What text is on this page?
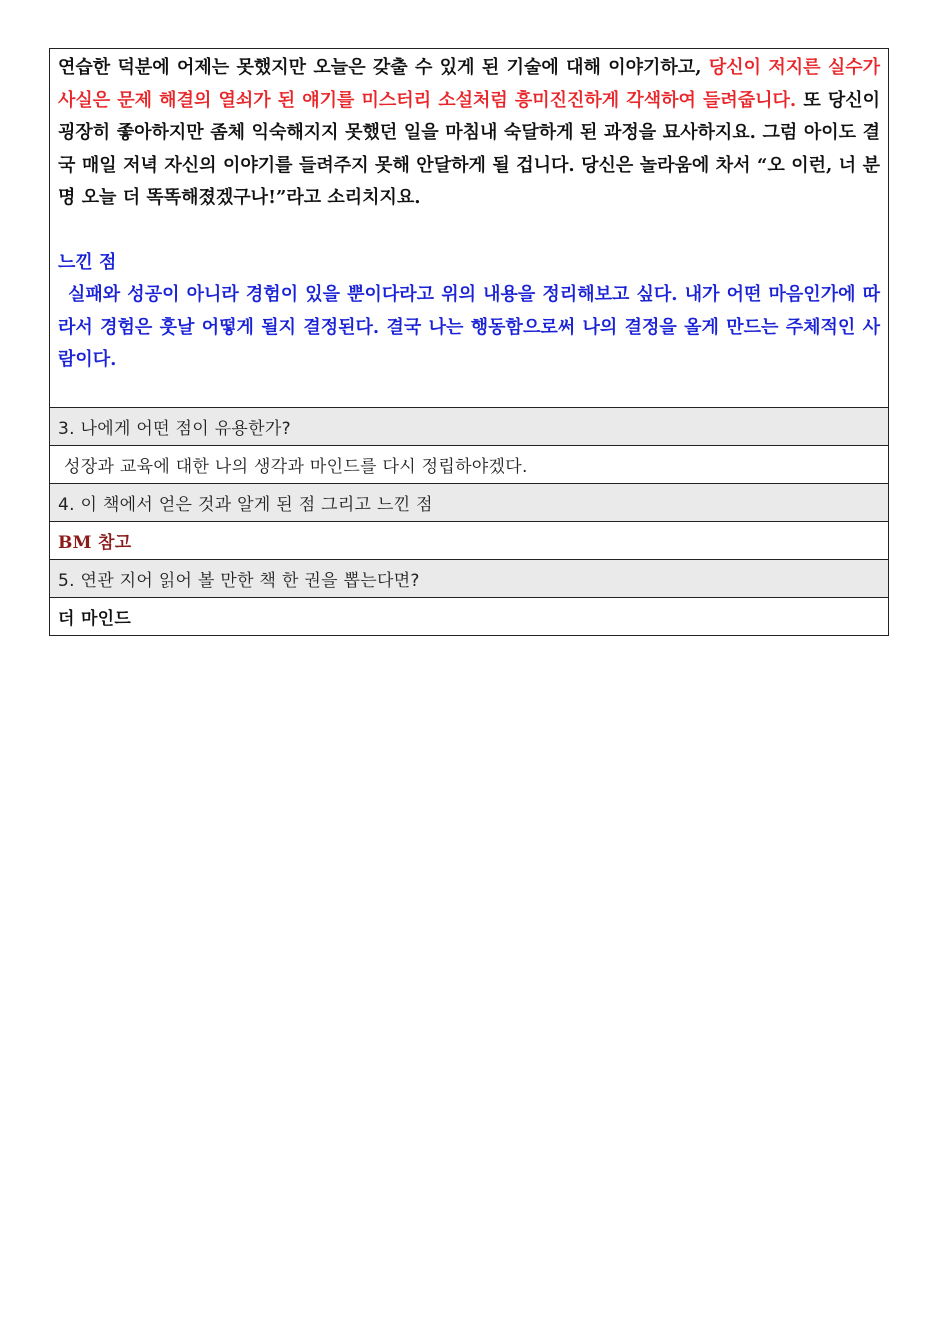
연습한 덕분에 어제는 못했지만 오늘은 갖출 수 있게 된 기술에 대해 이야기하고, 당신이 저지른 실수가 사실은 문제 해결의 열쇠가 된 얘기를 미스터리 소설처럼 흥미진진하게 각색하여 들려줍니다. 또 당신이 굉장히 좋아하지만 좀체 익숙해지지 못했던 일을 마침내 숙달하게 된 과정을 묘사하지요. 그럼 아이도 결국 매일 저녁 자신의 이야기를 들려주지 못해 안달하게 될 겁니다. 당신은 놀라움에 차서 “오 이런, 너 분명 오늘 더 똑똑해졌겠구나!”라고 소리치지요.
느낀 점
실패와 성공이 아니라 경험이 있을 뿐이다라고 위의 내용을 정리해보고 싶다. 내가 어떤 마음인가에 따라서 경험은 훗날 어떻게 될지 결정된다. 결국 나는 행동함으로써 나의 결정을 올게 만드는 주체적인 사람이다.
3. 나에게 어떤 점이 유용한가?
성장과 교육에 대한 나의 생각과 마인드를 다시 정립하야겠다.
4. 이 책에서 얻은 것과 알게 된 점 그리고 느낀 점
BM 참고
5. 연관 지어 읽어 볼 만한 책 한 권을 뽑는다면?
더 마인드
